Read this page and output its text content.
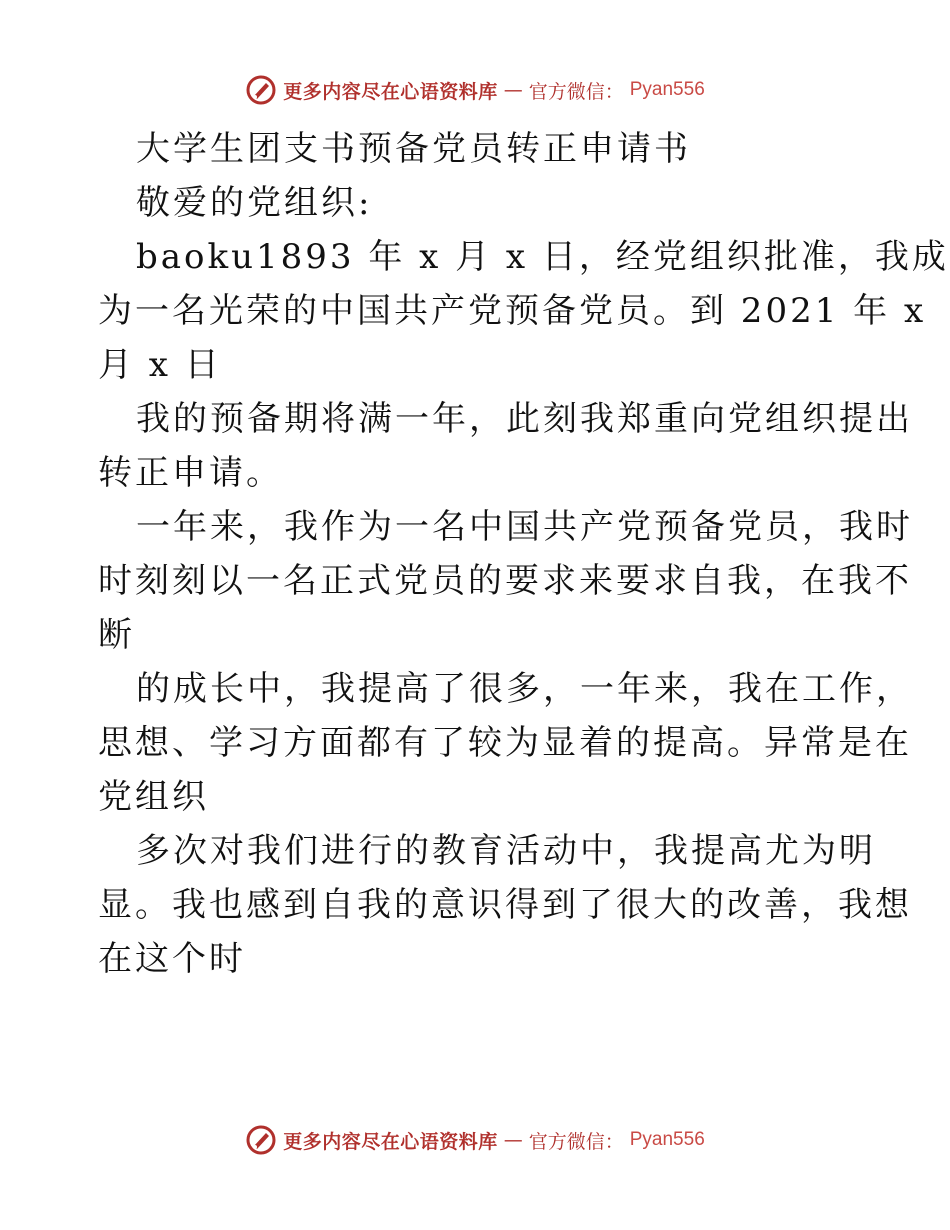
更多内容尽在心语资料库 — 官方微信： Pyan556
大学生团支书预备党员转正申请书
敬爱的党组织:
baoku1893 年 x 月 x 日，经党组织批准，我成
为一名光荣的中国共产党预备党员。到 2021 年 x
月 x 日
我的预备期将满一年，此刻我郑重向党组织提出
转正申请。
一年来，我作为一名中国共产党预备党员，我时
时刻刻以一名正式党员的要求来要求自我，在我不
断
的成长中，我提高了很多，一年来，我在工作，
思想、学习方面都有了较为显着的提高。异常是在
党组织
多次对我们进行的教育活动中，我提高尤为明
显。我也感到自我的意识得到了很大的改善，我想
在这个时
更多内容尽在心语资料库 — 官方微信： Pyan556
